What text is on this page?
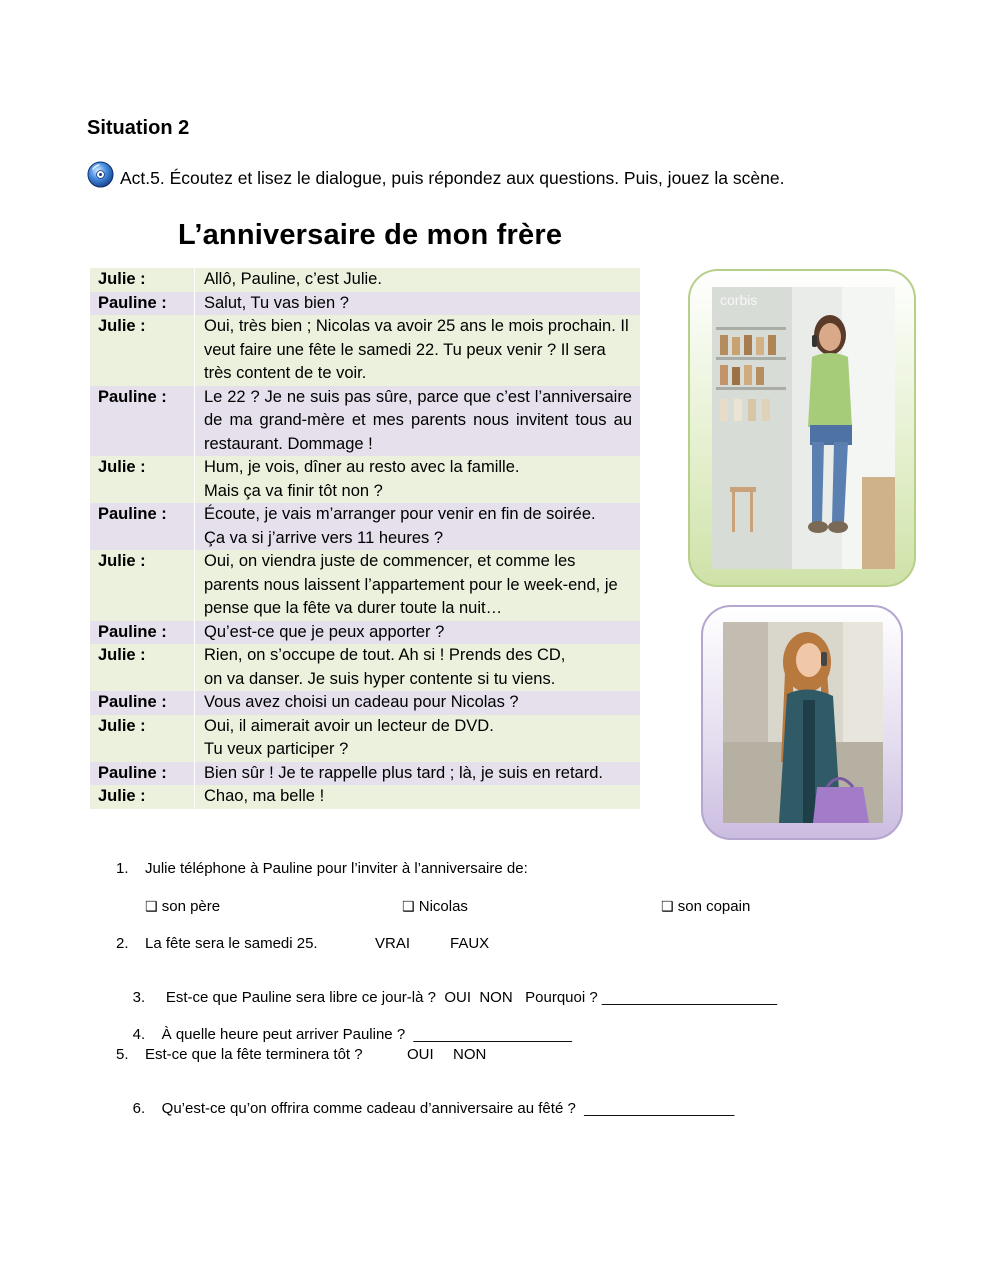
Situation 2
Act.5. Écoutez et lisez le dialogue, puis répondez aux questions. Puis, jouez la scène.
L’anniversaire de mon frère
Julie :	Allô, Pauline, c’est Julie.
Pauline :	Salut, Tu vas bien ?
Julie :	Oui, très bien ; Nicolas va avoir 25 ans le mois prochain. Il veut faire une fête le samedi 22. Tu peux venir ? Il sera très content de te voir.
Pauline :	Le 22 ? Je ne suis pas sûre, parce que c’est l’anniversaire de ma grand-mère et mes parents nous invitent tous au restaurant. Dommage !
Julie :	Hum, je vois, dîner au resto avec la famille.
Mais ça va finir tôt non ?

Pauline :	Écoute, je vais m’arranger pour venir en fin de soirée.
Ça va si j’arrive vers 11 heures ?

Julie :	Oui, on viendra juste de commencer, et comme les parents nous laissent l’appartement pour le week-end, je pense que la fête va durer toute la nuit…
Pauline :	Qu’est-ce que je peux apporter ?
Julie :	Rien, on s’occupe de tout. Ah si ! Prends des CD,
on va danser. Je suis hyper contente si tu viens.

Pauline :	Vous avez choisi un cadeau pour Nicolas ?
Julie :	Oui, il aimerait avoir un lecteur de DVD.
Tu veux participer ?

Pauline :	Bien sûr ! Je te rappelle plus tard ; là, je suis en retard.
Julie :	Chao, ma belle !
corbis
1. Julie téléphone à Pauline pour l’inviter à l’anniversaire de:
❑ son père	❑ Nicolas	❑ son copain
2. La fête sera le samedi 25.	VRAI	FAUX

3. Est-ce que Pauline sera libre ce jour-là ?  OUI  NON   Pourquoi ? _____________________

4. À quelle heure peut arriver Pauline ?  ___________________

5. Est-ce que la fête terminera tôt ?	OUI NON

6. Qu’est-ce qu’on offrira comme cadeau d’anniversaire au fêté ?  __________________
